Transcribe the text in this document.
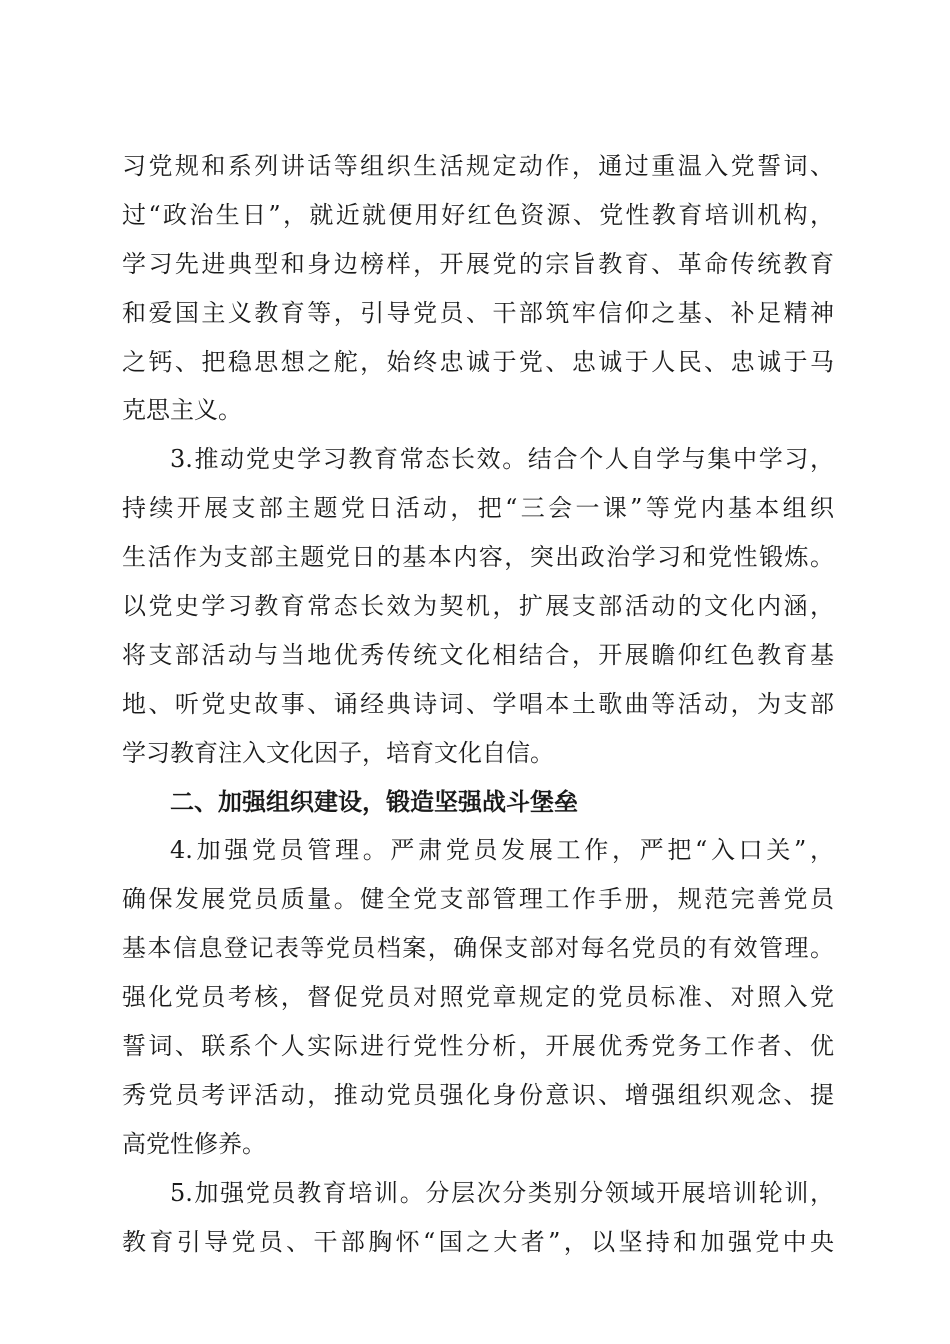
习党规和系列讲话等组织生活规定动作，通过重温入党誓词、
过“政治生日”，就近就便用好红色资源、党性教育培训机构，
学习先进典型和身边榜样，开展党的宗旨教育、革命传统教育
和爱国主义教育等，引导党员、干部筑牢信仰之基、补足精神
之钙、把稳思想之舵，始终忠诚于党、忠诚于人民、忠诚于马
克思主义。
3.推动党史学习教育常态长效。结合个人自学与集中学习，
持续开展支部主题党日活动，把“三会一课”等党内基本组织
生活作为支部主题党日的基本内容，突出政治学习和党性锻炼。
以党史学习教育常态长效为契机，扩展支部活动的文化内涵，
将支部活动与当地优秀传统文化相结合，开展瞻仰红色教育基
地、听党史故事、诵经典诗词、学唱本土歌曲等活动，为支部
学习教育注入文化因子，培育文化自信。
二、加强组织建设，锻造坚强战斗堡垒
4.加强党员管理。严肃党员发展工作，严把“入口关”，
确保发展党员质量。健全党支部管理工作手册，规范完善党员
基本信息登记表等党员档案，确保支部对每名党员的有效管理。
强化党员考核，督促党员对照党章规定的党员标准、对照入党
誓词、联系个人实际进行党性分析，开展优秀党务工作者、优
秀党员考评活动，推动党员强化身份意识、增强组织观念、提
高党性修养。
5.加强党员教育培训。分层次分类别分领域开展培训轮训，
教育引导党员、干部胸怀“国之大者”，以坚持和加强党中央
